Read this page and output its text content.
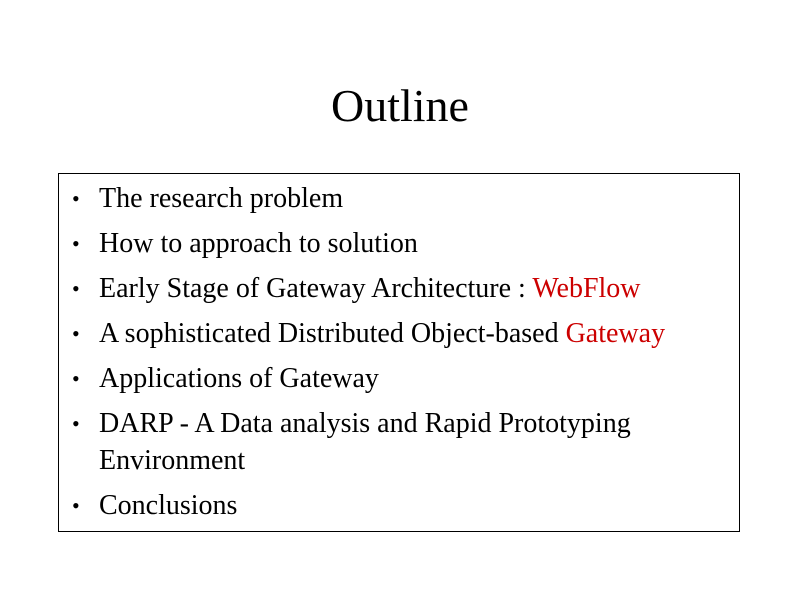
Outline
• The research problem
• How to approach to solution
• Early Stage of Gateway Architecture : WebFlow
• A sophisticated Distributed Object-based Gateway
• Applications of Gateway
• DARP - A Data analysis and Rapid Prototyping Environment
• Conclusions
